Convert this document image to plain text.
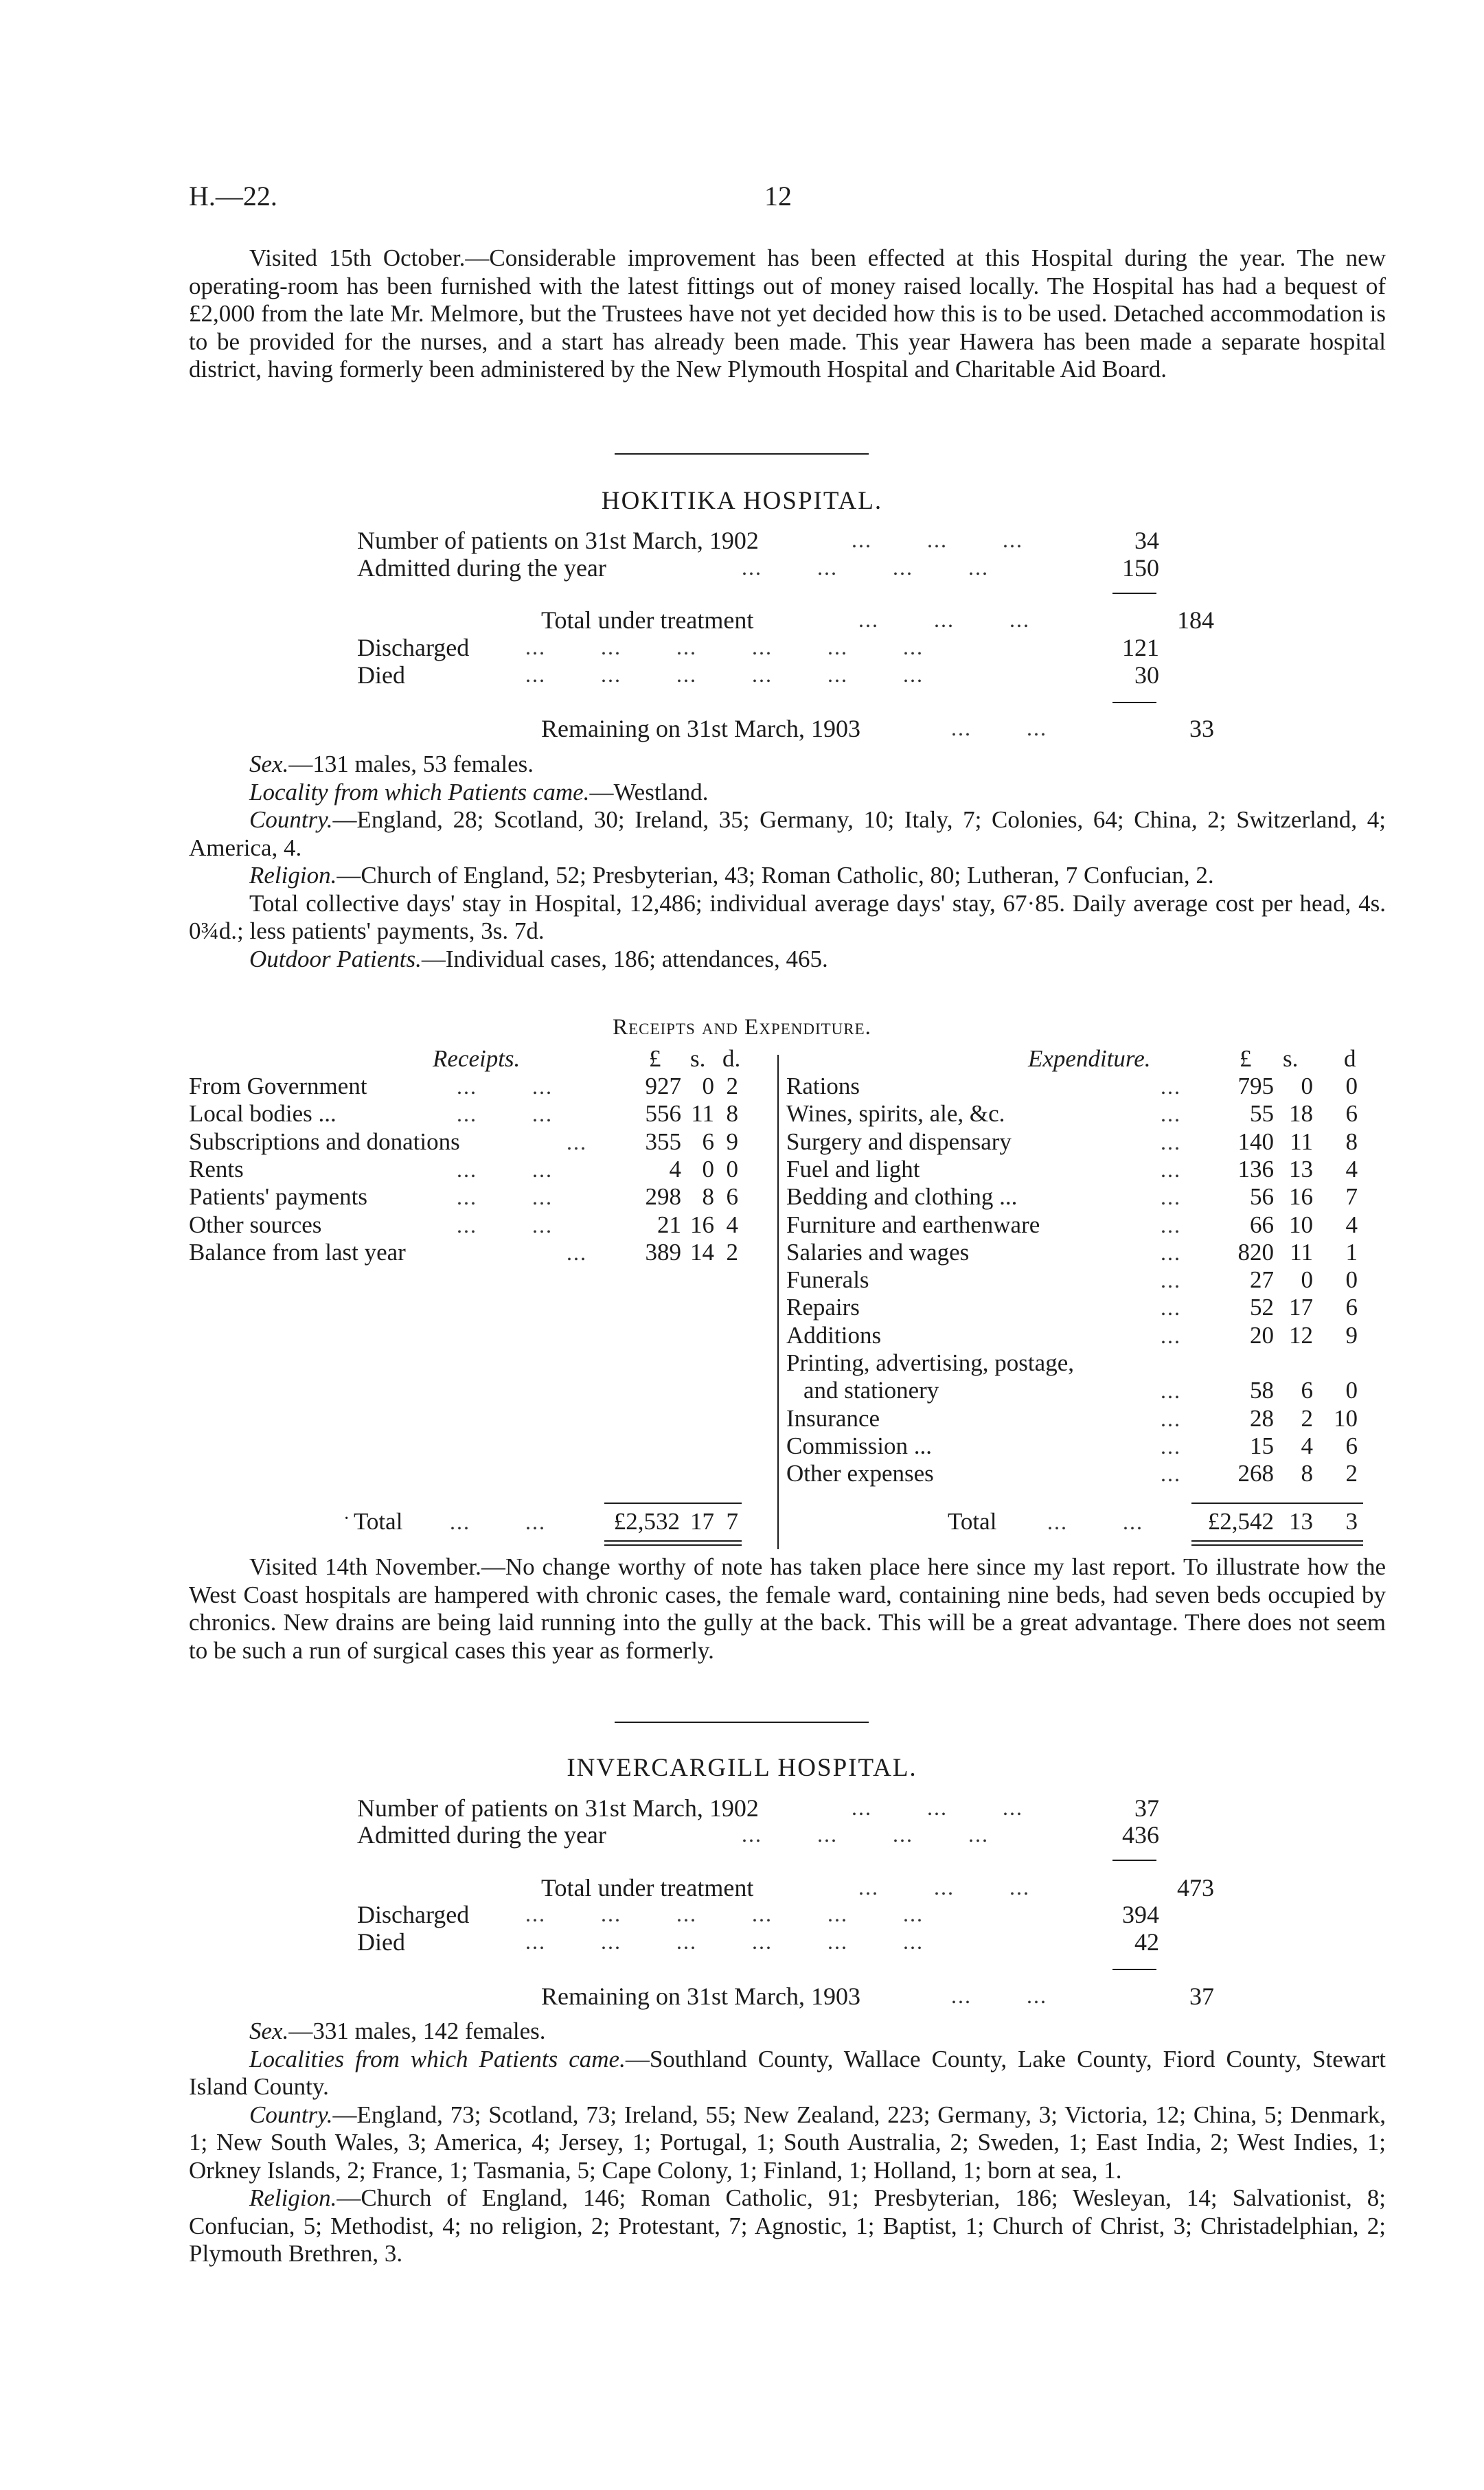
H.—22.	12

Visited 15th October.—Considerable improvement has been effected at this Hospital during the year. The new operating-room has been furnished with the latest fittings out of money raised locally. The Hospital has had a bequest of £2,000 from the late Mr. Melmore, but the Trustees have not yet decided how this is to be used. Detached accommodation is to be provided for the nurses, and a start has already been made. This year Hawera has been made a separate hospital district, having formerly been administered by the New Plymouth Hospital and Charitable Aid Board.

HOKITIKA HOSPITAL.
Number of patients on 31st March, 1902	...        ...        ...	34
Admitted during the year	...        ...        ...        ...	150
Total under treatment	...        ...        ...	184
Discharged	...        ...        ...        ...        ...        ...	121
Died	...        ...        ...        ...        ...        ...	30
Remaining on 31st March, 1903	...        ...	33

Sex.—131 males, 53 females.

Locality from which Patients came.—Westland.

Country.—England, 28; Scotland, 30; Ireland, 35; Germany, 10; Italy, 7; Colonies, 64; China, 2; Switzerland, 4; America, 4.

Religion.—Church of England, 52; Presbyterian, 43; Roman Catholic, 80; Lutheran, 7 Confucian, 2.

Total collective days' stay in Hospital, 12,486; individual average days' stay, 67·85. Daily average cost per head, 4s. 0¾d.; less patients' payments, 3s. 7d.

Outdoor Patients.—Individual cases, 186; attendances, 465.

Receipts and Expenditure.
Receipts.	£ s. d.
From Government	...        ...	927 0 2
Local bodies ...	...        ...	556 11 8
Subscriptions and donations	...	355 6 9
Rents	...        ...	4 0 0
Patients' payments	...        ...	298 8 6
Other sources	...        ...	21 16 4
Balance from last year	...	389 14 2
· Total ...        ...	£2,532 17 7
Expenditure.	£ s. d
Rations	...	795	0	0
Wines, spirits, ale, &c.	...	55 18	6
Surgery and dispensary	...	140 11	8
Fuel and light	...	136 13	4
Bedding and clothing ...	...	56 16	7
Furniture and earthenware	...	66 10	4
Salaries and wages	...	820 11	1
Funerals	...	27	0	0
Repairs	...	52 17	6
Additions	...	20 12	9
Printing, advertising, postage,
and stationery	...	58	6	0
Insurance	...	28	2 10
Commission ...	...	15	4	6
Other expenses	...	268	8	2
Total ...        ...	£2,542 13	3

Visited 14th November.—No change worthy of note has taken place here since my last report. To illustrate how the West Coast hospitals are hampered with chronic cases, the female ward, containing nine beds, had seven beds occupied by chronics. New drains are being laid running into the gully at the back. This will be a great advantage. There does not seem to be such a run of surgical cases this year as formerly.

INVERCARGILL HOSPITAL.
Number of patients on 31st March, 1902	...        ...        ...	37
Admitted during the year	...        ...        ...        ...	436
Total under treatment	...        ...        ...	473
Discharged	...        ...        ...        ...        ...        ...	394
Died	...        ...        ...        ...        ...        ...	42
Remaining on 31st March, 1903	...        ...	37

Sex.—331 males, 142 females.

Localities from which Patients came.—Southland County, Wallace County, Lake County, Fiord County, Stewart Island County.

Country.—England, 73; Scotland, 73; Ireland, 55; New Zealand, 223; Germany, 3; Victoria, 12; China, 5; Denmark, 1; New South Wales, 3; America, 4; Jersey, 1; Portugal, 1; South Australia, 2; Sweden, 1; East India, 2; West Indies, 1; Orkney Islands, 2; France, 1; Tasmania, 5; Cape Colony, 1; Finland, 1; Holland, 1; born at sea, 1.

Religion.—Church of England, 146; Roman Catholic, 91; Presbyterian, 186; Wesleyan, 14; Salvationist, 8; Confucian, 5; Methodist, 4; no religion, 2; Protestant, 7; Agnostic, 1; Baptist, 1; Church of Christ, 3; Christadelphian, 2; Plymouth Brethren, 3.
